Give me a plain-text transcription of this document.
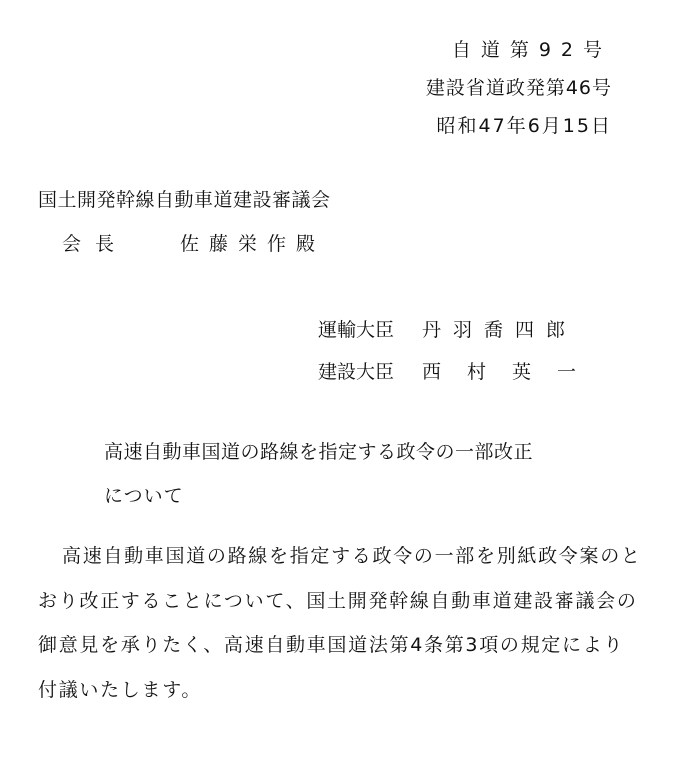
自道第92号
建設省道政発第46号
昭和47年6月15日
国土開発幹線自動車道建設審議会
会長	佐藤栄作殿
運輸大臣 丹羽喬四郎
建設大臣 西村英一
高速自動車国道の路線を指定する政令の一部改正
について
高速自動車国道の路線を指定する政令の一部を別紙政令案のと
おり改正することについて、国土開発幹線自動車道建設審議会の
御意見を承りたく、高速自動車国道法第4条第3項の規定により
付議いたします。
